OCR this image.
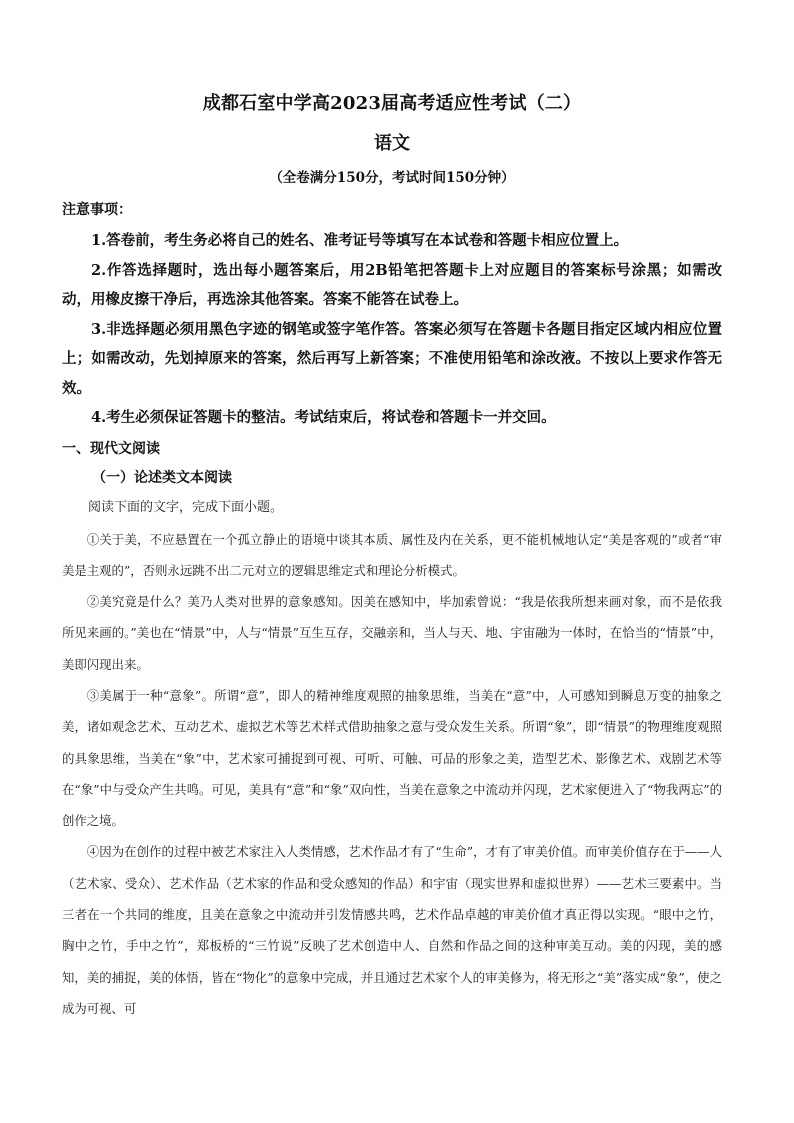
成都石室中学高2023届高考适应性考试（二）
语文
（全卷满分150分，考试时间150分钟）
注意事项：

1.答卷前，考生务必将自己的姓名、准考证号等填写在本试卷和答题卡相应位置上。

2.作答选择题时，选出每小题答案后，用2B铅笔把答题卡上对应题目的答案标号涂黑；如需改动，用橡皮擦干净后，再选涂其他答案。答案不能答在试卷上。

3.非选择题必须用黑色字迹的钢笔或签字笔作答。答案必须写在答题卡各题目指定区域内相应位置上；如需改动，先划掉原来的答案，然后再写上新答案；不准使用铅笔和涂改液。不按以上要求作答无效。

4.考生必须保证答题卡的整洁。考试结束后，将试卷和答题卡一并交回。

一、现代文阅读
（一）论述类文本阅读
阅读下面的文字，完成下面小题。

①关于美，不应悬置在一个孤立静止的语境中谈其本质、属性及内在关系，更不能机械地认定“美是客观的”或者“审美是主观的”，否则永远跳不出二元对立的逻辑思维定式和理论分析模式。

②美究竟是什么？美乃人类对世界的意象感知。因美在感知中，毕加索曾说：“我是依我所想来画对象，而不是依我所见来画的。”美也在“情景”中，人与“情景”互生互存，交融亲和，当人与天、地、宇宙融为一体时，在恰当的“情景”中，美即闪现出来。

③美属于一种“意象”。所谓“意”，即人的精神维度观照的抽象思维，当美在“意”中，人可感知到瞬息万变的抽象之美，诸如观念艺术、互动艺术、虚拟艺术等艺术样式借助抽象之意与受众发生关系。所谓“象”，即“情景”的物理维度观照的具象思维，当美在“象”中，艺术家可捕捉到可视、可听、可触、可品的形象之美，造型艺术、影像艺术、戏剧艺术等在“象”中与受众产生共鸣。可见，美具有“意”和“象”双向性，当美在意象之中流动并闪现，艺术家便进入了“物我两忘”的创作之境。

④因为在创作的过程中被艺术家注入人类情感，艺术作品才有了“生命”，才有了审美价值。而审美价值存在于——人（艺术家、受众）、艺术作品（艺术家的作品和受众感知的作品）和宇宙（现实世界和虚拟世界）——艺术三要素中。当三者在一个共同的维度，且美在意象之中流动并引发情感共鸣，艺术作品卓越的审美价值才真正得以实现。“眼中之竹，胸中之竹，手中之竹”，郑板桥的“三竹说”反映了艺术创造中人、自然和作品之间的这种审美互动。美的闪现，美的感知，美的捕捉，美的体悟，皆在“物化”的意象中完成，并且通过艺术家个人的审美修为，将无形之“美”落实成“象”，使之成为可视、可
